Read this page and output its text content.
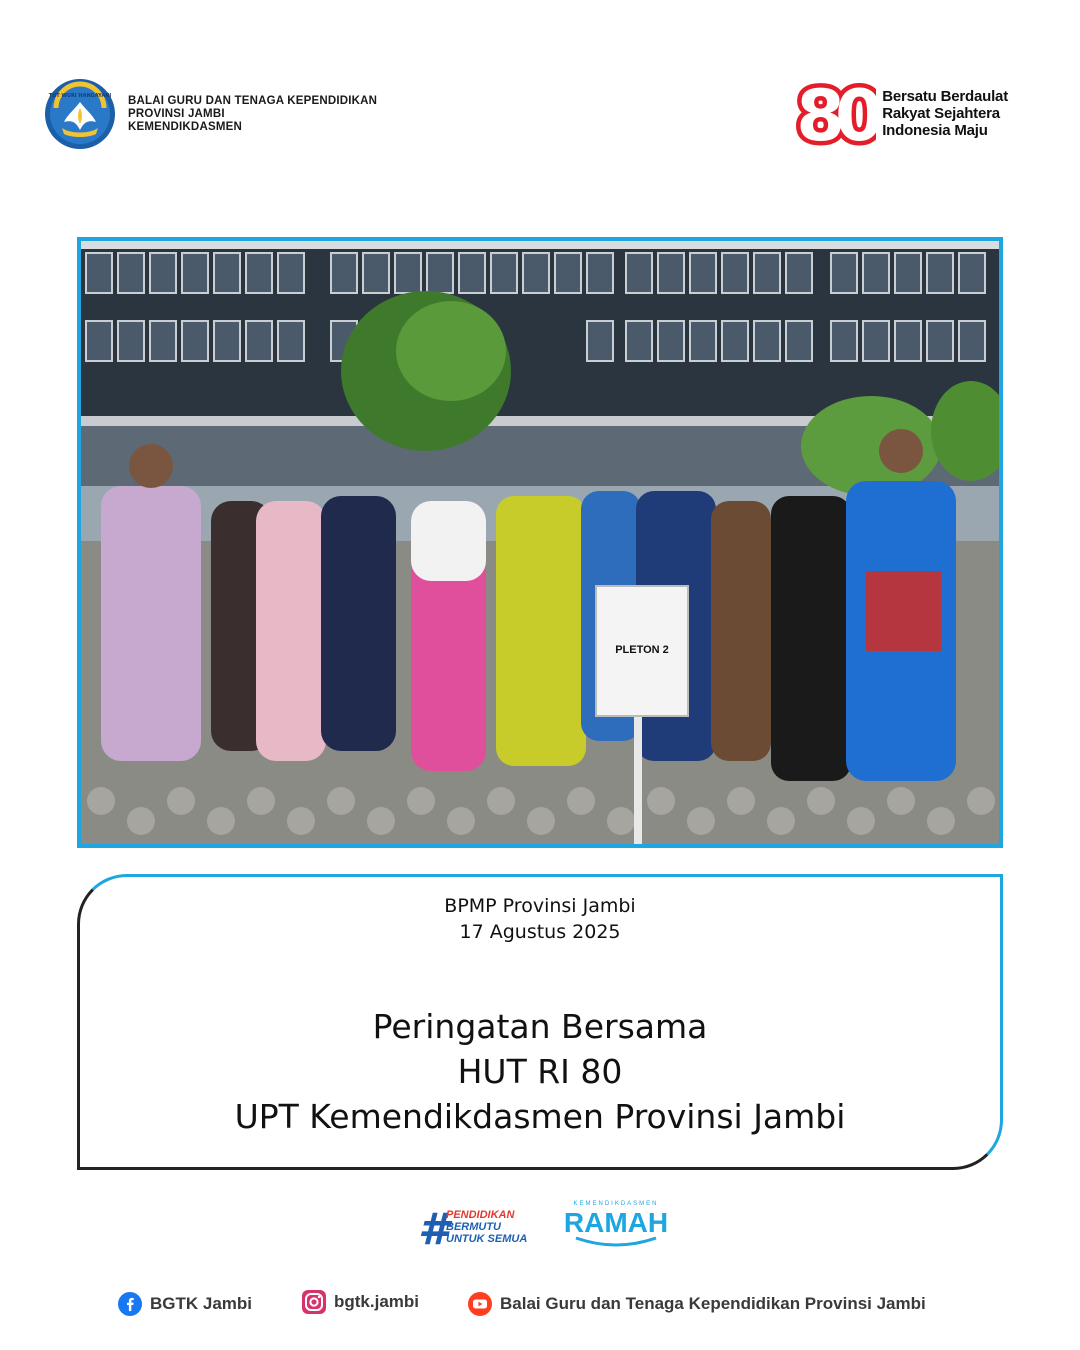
TUT WURI HANDAYANI BALAI GURU DAN TENAGA KEPENDIDIKAN
PROVINSI JAMBI
KEMENDIKDASMEN	80 Bersatu Berdaulat
Rakyat Sejahtera
Indonesia Maju
PLETON 2
BPMP Provinsi Jambi
17 Agustus 2025
Peringatan Bersama
HUT RI 80
UPT Kemendikdasmen Provinsi Jambi
#
PENDIDIKAN
BERMUTU
UNTUK SEMUA
KEMENDIKDASMEN
RAMAH
BGTK Jambi	bgtk.jambi	Balai Guru dan Tenaga Kependidikan Provinsi Jambi
